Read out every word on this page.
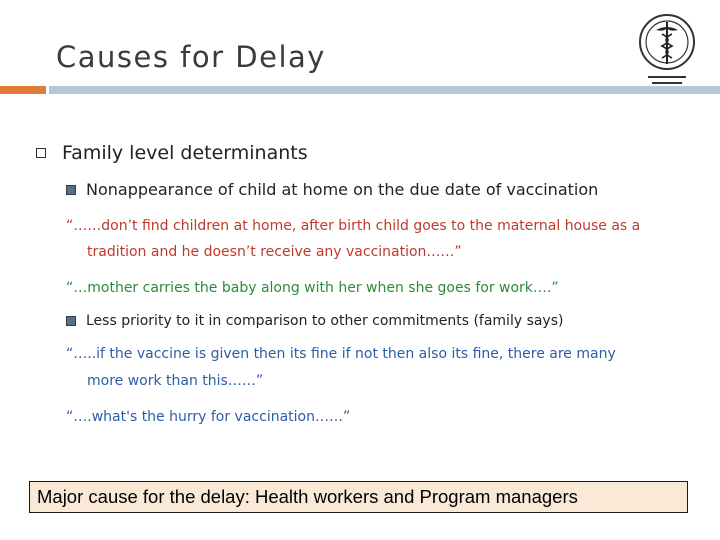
Causes for Delay
Family level determinants
Nonappearance of child at home on the due date of vaccination
“……don’t find children at home, after birth child goes to the maternal house as a
tradition and he doesn’t receive any vaccination……”
“…mother carries the baby along with her when she goes for work….”
Less priority to it in comparison to other commitments (family says)
“…..if the vaccine is given then its fine if not then also its fine, there are many
more work than this……”
“….what's the hurry for vaccination……”
Major cause for the delay: Health workers and Program managers
